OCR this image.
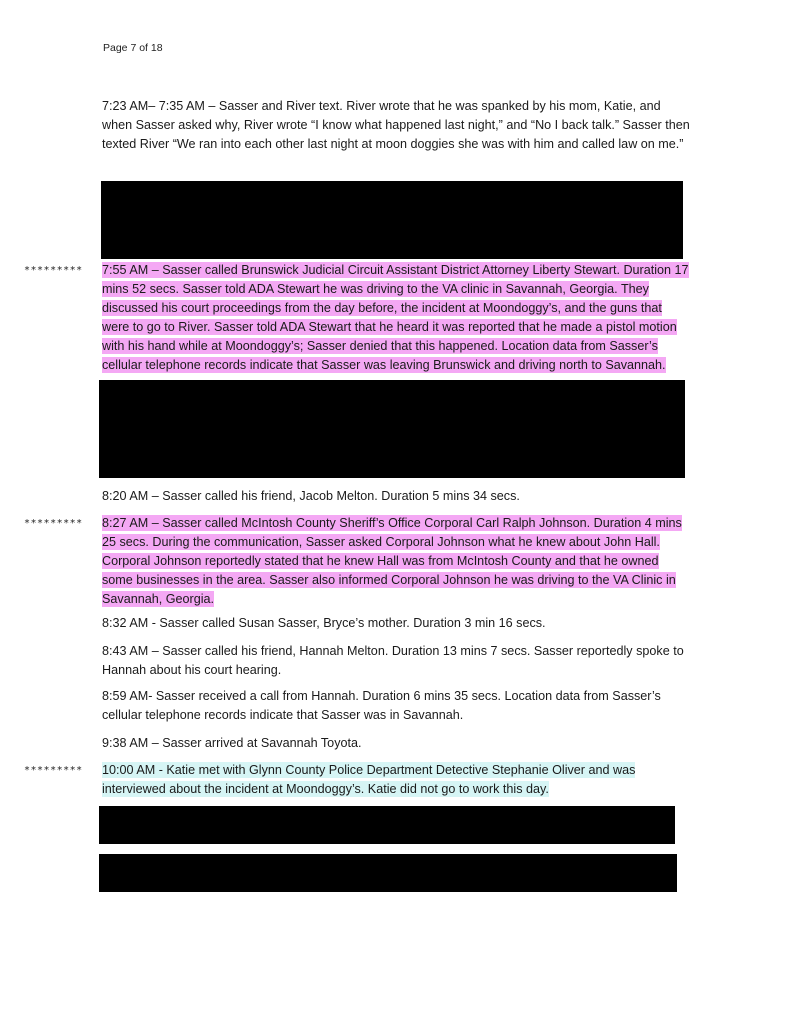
Page 7 of 18

7:23 AM– 7:35 AM – Sasser and River text. River wrote that he was spanked by his mom, Katie, and when Sasser asked why, River wrote “I know what happened last night,” and “No I back talk.” Sasser then texted River “We ran into each other last night at moon doggies she was with him and called law on me.”

********* 7:55 AM – Sasser called Brunswick Judicial Circuit Assistant District Attorney Liberty Stewart. Duration 17 mins 52 secs. Sasser told ADA Stewart he was driving to the VA clinic in Savannah, Georgia. They discussed his court proceedings from the day before, the incident at Moondoggy’s, and the guns that were to go to River. Sasser told ADA Stewart that he heard it was reported that he made a pistol motion with his hand while at Moondoggy’s; Sasser denied that this happened. Location data from Sasser’s cellular telephone records indicate that Sasser was leaving Brunswick and driving north to Savannah.

8:20 AM – Sasser called his friend, Jacob Melton. Duration 5 mins 34 secs.

********* 8:27 AM – Sasser called McIntosh County Sheriff’s Office Corporal Carl Ralph Johnson. Duration 4 mins 25 secs. During the communication, Sasser asked Corporal Johnson what he knew about John Hall. Corporal Johnson reportedly stated that he knew Hall was from McIntosh County and that he owned some businesses in the area. Sasser also informed Corporal Johnson he was driving to the VA Clinic in Savannah, Georgia.

8:32 AM - Sasser called Susan Sasser, Bryce’s mother. Duration 3 min 16 secs.

8:43 AM – Sasser called his friend, Hannah Melton. Duration 13 mins 7 secs. Sasser reportedly spoke to Hannah about his court hearing.

8:59 AM- Sasser received a call from Hannah. Duration 6 mins 35 secs. Location data from Sasser’s cellular telephone records indicate that Sasser was in Savannah.

9:38 AM – Sasser arrived at Savannah Toyota.

********* 10:00 AM - Katie met with Glynn County Police Department Detective Stephanie Oliver and was interviewed about the incident at Moondoggy’s. Katie did not go to work this day.
